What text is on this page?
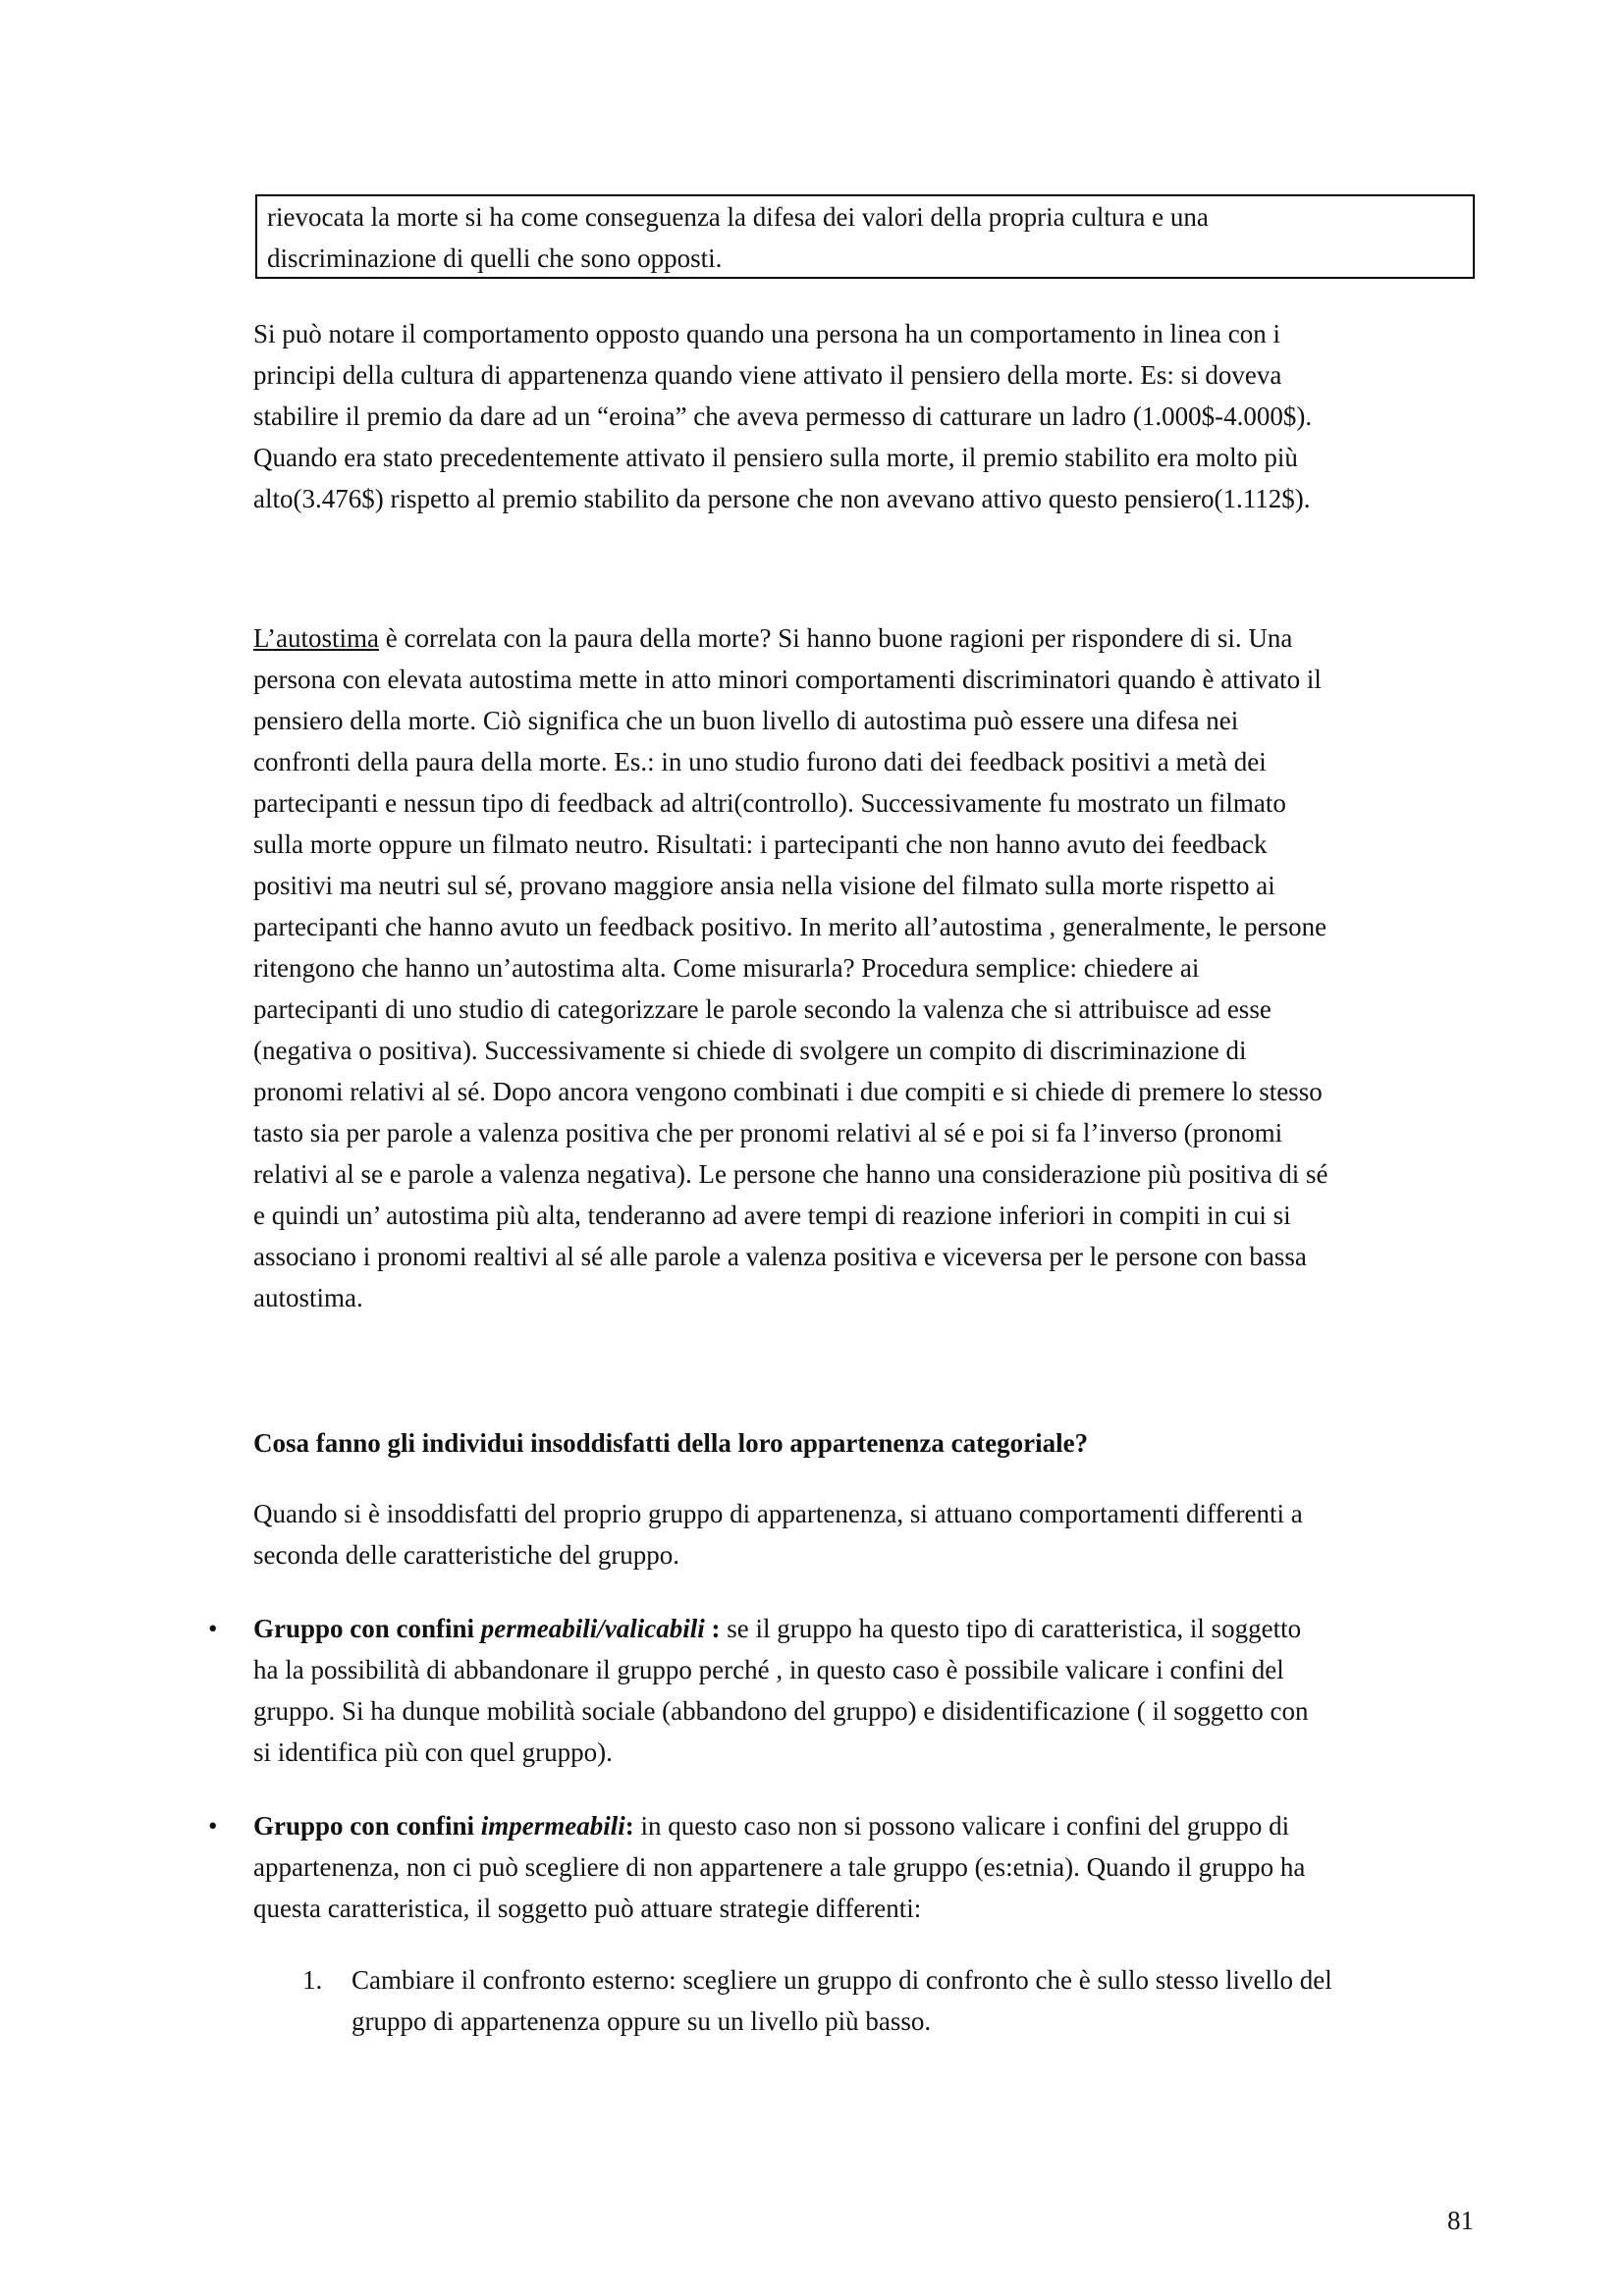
rievocata la morte si ha come conseguenza la difesa dei valori della propria cultura e una
discriminazione di quelli che sono opposti.
Si può notare il comportamento opposto quando una persona ha un comportamento in linea con i
principi della cultura di appartenenza quando viene attivato il pensiero della morte. Es: si doveva
stabilire il premio da dare ad un “eroina” che aveva permesso di catturare un ladro (1.000$-4.000$).
Quando era stato precedentemente attivato il pensiero sulla morte, il premio stabilito era molto più
alto(3.476$) rispetto al premio stabilito da persone che non avevano attivo questo pensiero(1.112$).
L’autostima è correlata con la paura della morte? Si hanno buone ragioni per rispondere di si. Una
persona con elevata autostima mette in atto minori comportamenti discriminatori quando è attivato il
pensiero della morte. Ciò significa che un buon livello di autostima può essere una difesa nei
confronti della paura della morte. Es.: in uno studio furono dati dei feedback positivi a metà dei
partecipanti e nessun tipo di feedback ad altri(controllo). Successivamente fu mostrato un filmato
sulla morte oppure un filmato neutro. Risultati: i partecipanti che non hanno avuto dei feedback
positivi ma neutri sul sé, provano maggiore ansia nella visione del filmato sulla morte rispetto ai
partecipanti che hanno avuto un feedback positivo. In merito all’autostima , generalmente, le persone
ritengono che hanno un’autostima alta. Come misurarla? Procedura semplice: chiedere ai
partecipanti di uno studio di categorizzare le parole secondo la valenza che si attribuisce ad esse
(negativa o positiva). Successivamente si chiede di svolgere un compito di discriminazione di
pronomi relativi al sé. Dopo ancora vengono combinati i due compiti e si chiede di premere lo stesso
tasto sia per parole a valenza positiva che per pronomi relativi al sé e poi si fa l’inverso (pronomi
relativi al se e parole a valenza negativa). Le persone che hanno una considerazione più positiva di sé
e quindi un’ autostima più alta, tenderanno ad avere tempi di reazione inferiori in compiti in cui si
associano i pronomi realtivi al sé alle parole a valenza positiva e viceversa per le persone con bassa
autostima.
Cosa fanno gli individui insoddisfatti della loro appartenenza categoriale?
Quando si è insoddisfatti del proprio gruppo di appartenenza, si attuano comportamenti differenti a
seconda delle caratteristiche del gruppo.
• Gruppo con confini permeabili/valicabili : se il gruppo ha questo tipo di caratteristica, il soggetto
ha la possibilità di abbandonare il gruppo perché , in questo caso è possibile valicare i confini del
gruppo. Si ha dunque mobilità sociale (abbandono del gruppo) e disidentificazione ( il soggetto con
si identifica più con quel gruppo).
• Gruppo con confini impermeabili: in questo caso non si possono valicare i confini del gruppo di
appartenenza, non ci può scegliere di non appartenere a tale gruppo (es:etnia). Quando il gruppo ha
questa caratteristica, il soggetto può attuare strategie differenti:
1. Cambiare il confronto esterno: scegliere un gruppo di confronto che è sullo stesso livello del
gruppo di appartenenza oppure su un livello più basso.
81
